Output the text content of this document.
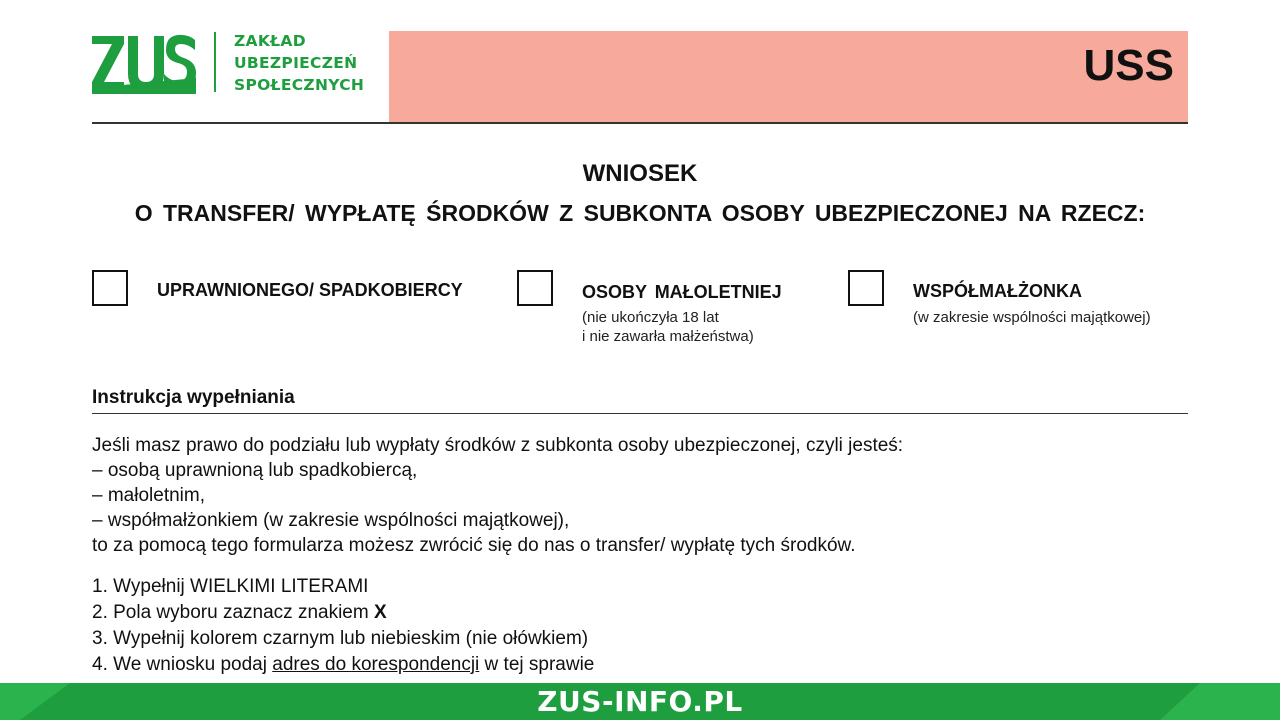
ZAKŁAD
UBEZPIECZEŃ
SPOŁECZNYCH	USS
WNIOSEK
O TRANSFER/ WYPŁATĘ ŚRODKÓW Z SUBKONTA OSOBY UBEZPIECZONEJ NA RZECZ:
UPRAWNIONEGO/ SPADKOBIERCY	OSOBY MAŁOLETNIEJ
(nie ukończyła 18 lat
i nie zawarła małżeństwa)
WSPÓŁMAŁŻONKA
(w zakresie wspólności majątkowej)
Instrukcja wypełniania
Jeśli masz prawo do podziału lub wypłaty środków z subkonta osoby ubezpieczonej, czyli jesteś:
– osobą uprawnioną lub spadkobiercą,
– małoletnim,
– współmałżonkiem (w zakresie wspólności majątkowej),
to za pomocą tego formularza możesz zwrócić się do nas o transfer/ wypłatę tych środków.
1. Wypełnij WIELKIMI LITERAMI
2. Pola wyboru zaznacz znakiem X
3. Wypełnij kolorem czarnym lub niebieskim (nie ołówkiem)
4. We wniosku podaj adres do korespondencji w tej sprawie
ZUS-INFO.PL
